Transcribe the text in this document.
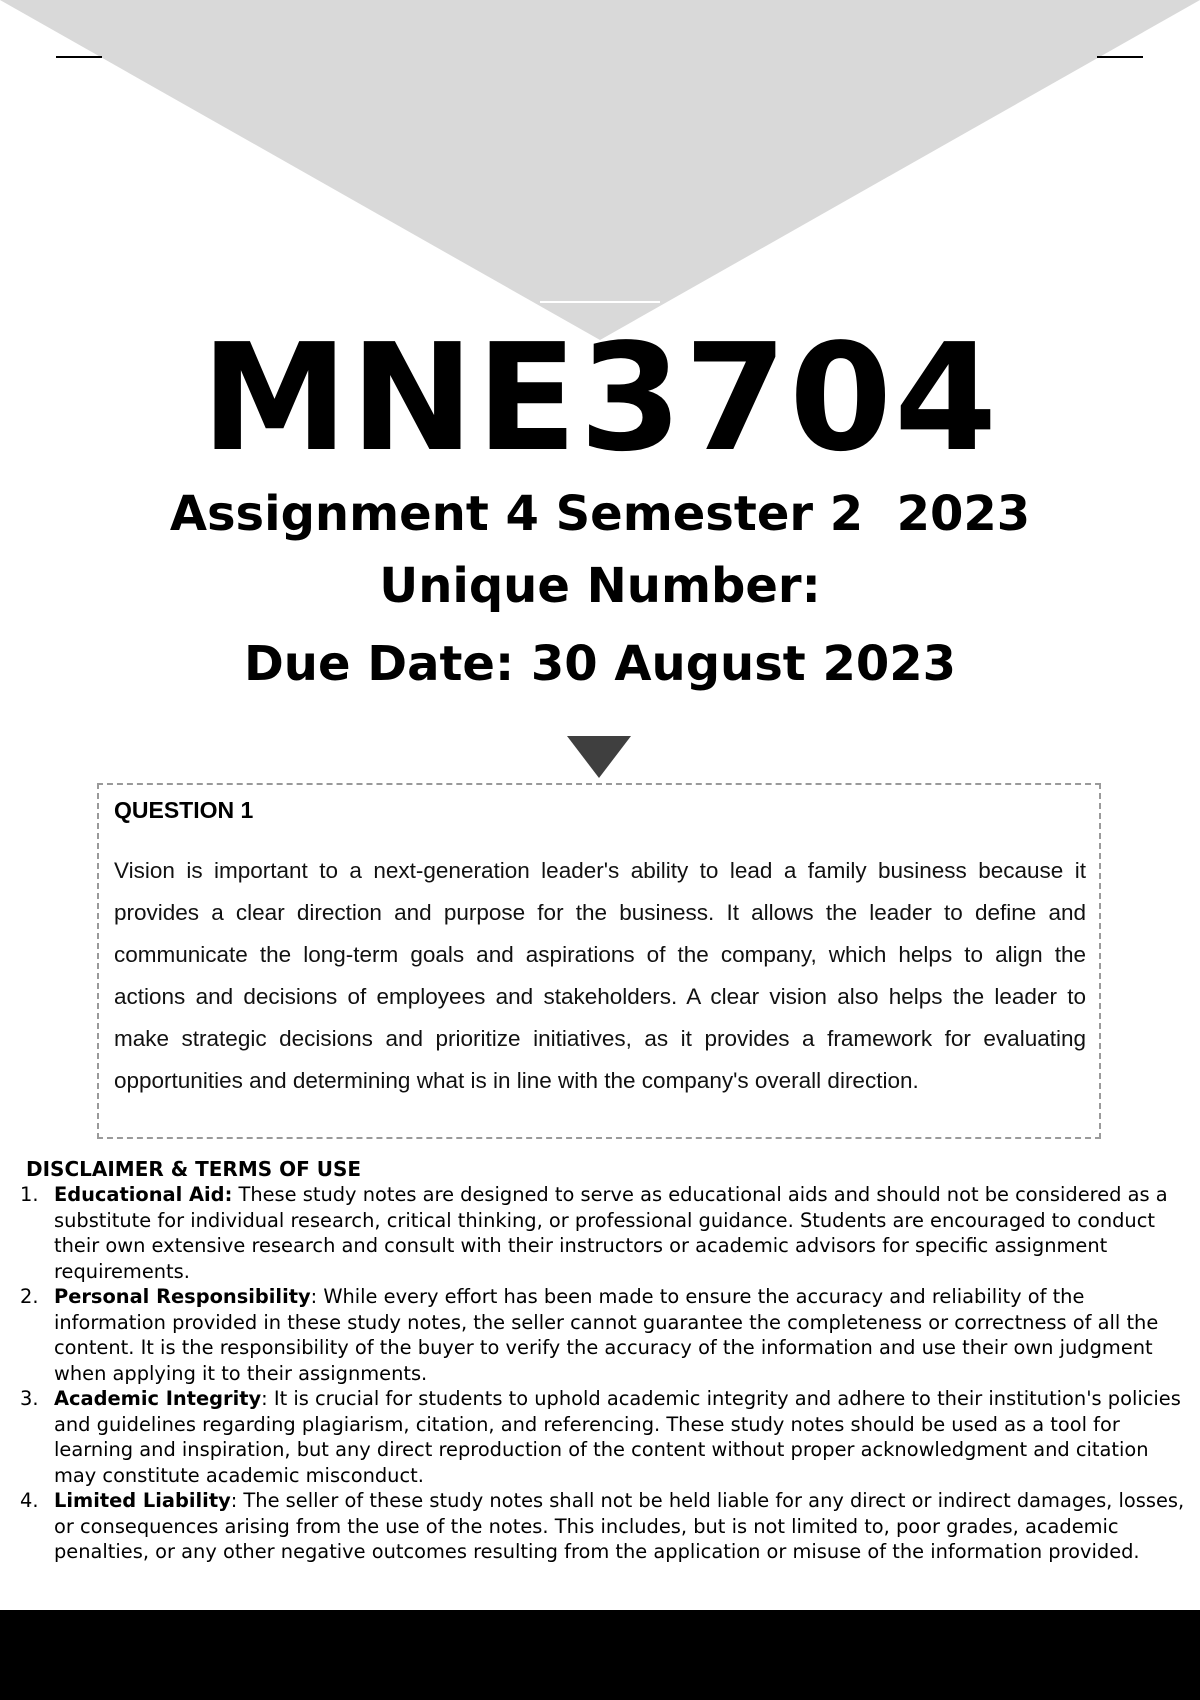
MNE3704
Assignment 4 Semester 2  2023
Unique Number:
Due Date: 30 August 2023
QUESTION 1

Vision is important to a next-generation leader's ability to lead a family business because it provides a clear direction and purpose for the business. It allows the leader to define and communicate the long-term goals and aspirations of the company, which helps to align the actions and decisions of employees and stakeholders. A clear vision also helps the leader to make strategic decisions and prioritize initiatives, as it provides a framework for evaluating opportunities and determining what is in line with the company's overall direction.

DISCLAIMER & TERMS OF USE
1. Educational Aid: These study notes are designed to serve as educational aids and should not be considered as a substitute for individual research, critical thinking, or professional guidance. Students are encouraged to conduct their own extensive research and consult with their instructors or academic advisors for specific assignment requirements.
2. Personal Responsibility: While every effort has been made to ensure the accuracy and reliability of the information provided in these study notes, the seller cannot guarantee the completeness or correctness of all the content. It is the responsibility of the buyer to verify the accuracy of the information and use their own judgment when applying it to their assignments.
3. Academic Integrity: It is crucial for students to uphold academic integrity and adhere to their institution's policies and guidelines regarding plagiarism, citation, and referencing. These study notes should be used as a tool for learning and inspiration, but any direct reproduction of the content without proper acknowledgment and citation may constitute academic misconduct.
4. Limited Liability: The seller of these study notes shall not be held liable for any direct or indirect damages, losses, or consequences arising from the use of the notes. This includes, but is not limited to, poor grades, academic penalties, or any other negative outcomes resulting from the application or misuse of the information provided.
